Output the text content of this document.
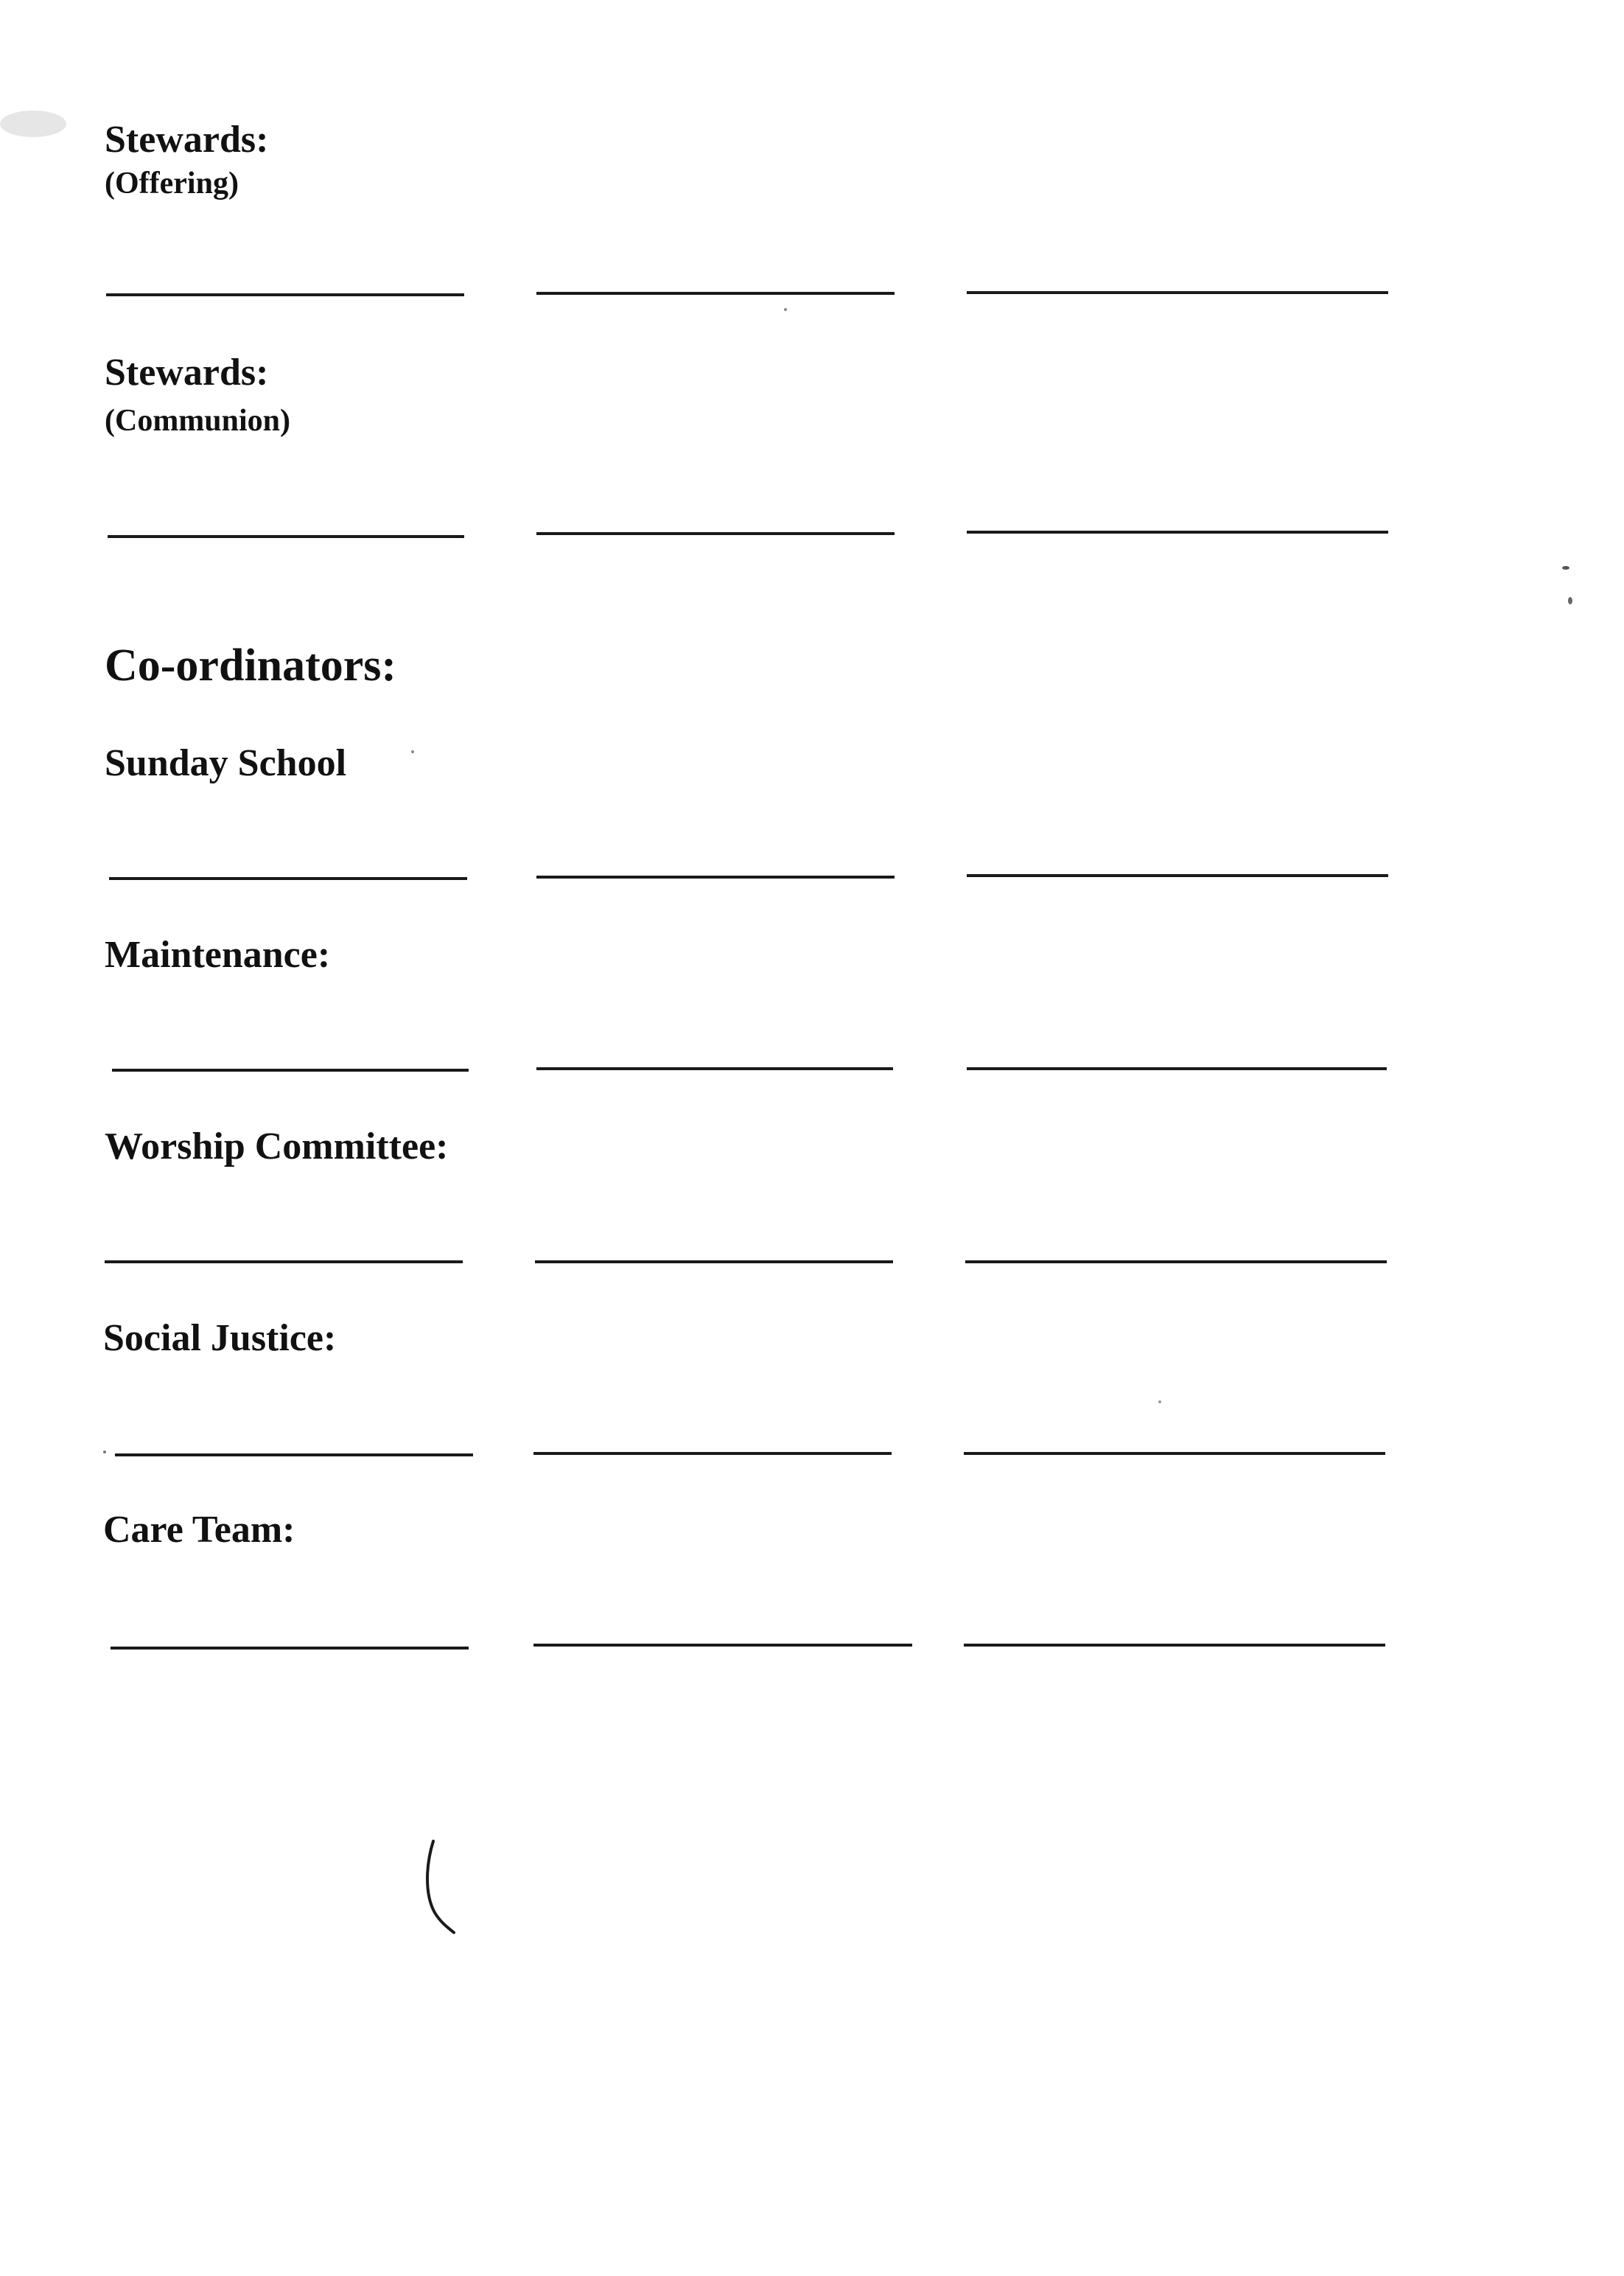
Stewards:
(Offering)
Stewards:
(Communion)
Co-ordinators:
Sunday School
Maintenance:
Worship Committee:
Social Justice:
Care Team:
